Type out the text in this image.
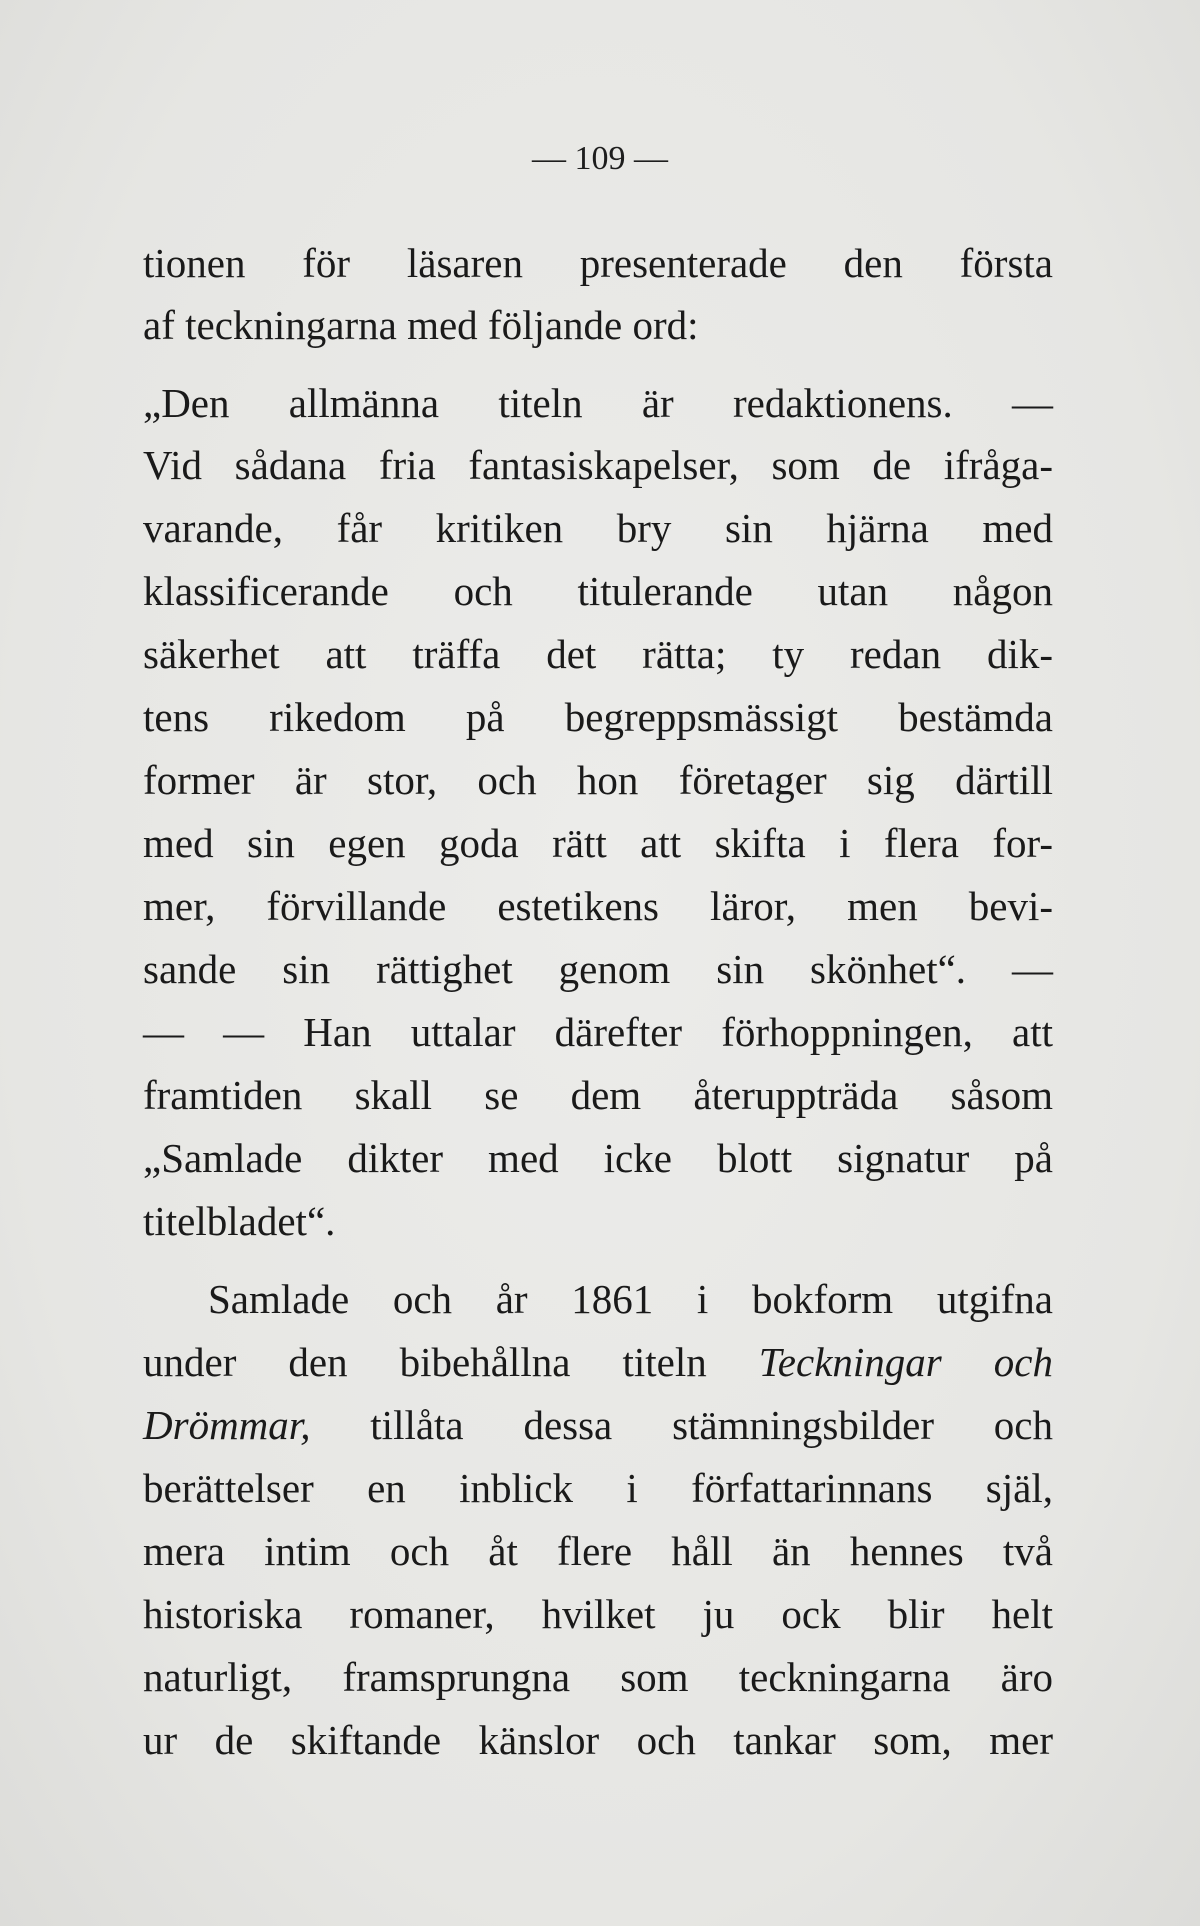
— 109 —
tionen för läsaren presenterade den första
af teckningarna med följande ord:
„Den allmänna titeln är redaktionens. —
Vid sådana fria fantasiskapelser, som de ifråga-
varande, får kritiken bry sin hjärna med
klassificerande och titulerande utan någon
säkerhet att träffa det rätta; ty redan dik-
tens rikedom på begreppsmässigt bestämda
former är stor, och hon företager sig därtill
med sin egen goda rätt att skifta i flera for-
mer, förvillande estetikens läror, men bevi-
sande sin rättighet genom sin skönhet“. —
— — Han uttalar därefter förhoppningen, att
framtiden skall se dem återuppträda såsom
„Samlade dikter med icke blott signatur på
titelbladet“.
Samlade och år 1861 i bokform utgifna
under den bibehållna titeln Teckningar och
Drömmar, tillåta dessa stämningsbilder och
berättelser en inblick i författarinnans själ,
mera intim och åt flere håll än hennes två
historiska romaner, hvilket ju ock blir helt
naturligt, framsprungna som teckningarna äro
ur de skiftande känslor och tankar som, mer
